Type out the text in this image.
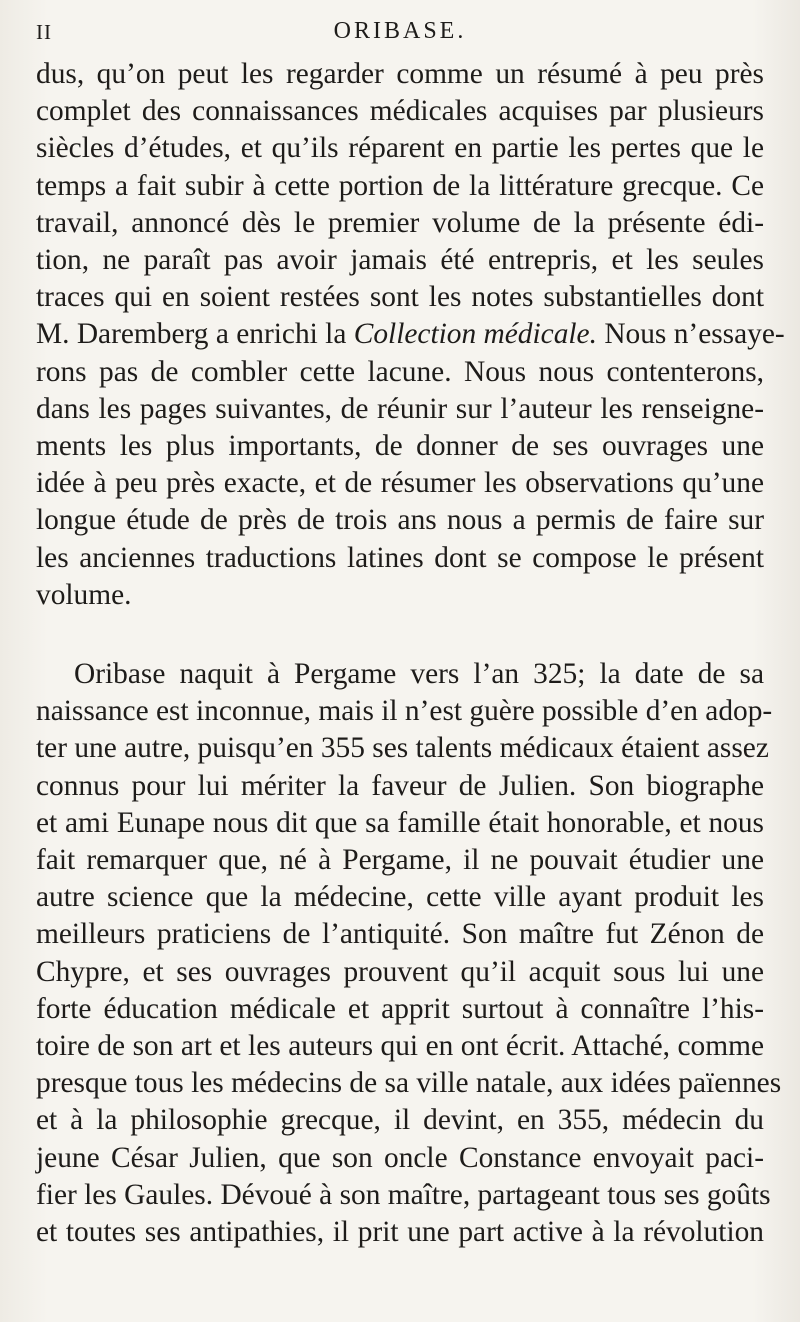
II	ORIBASE.

dus, qu’on peut les regarder comme un résumé à peu près
complet des connaissances médicales acquises par plusieurs
siècles d’études, et qu’ils réparent en partie les pertes que le
temps a fait subir à cette portion de la littérature grecque. Ce
travail, annoncé dès le premier volume de la présente édi-
tion, ne paraît pas avoir jamais été entrepris, et les seules
traces qui en soient restées sont les notes substantielles dont
M. Daremberg a enrichi la Collection médicale. Nous n’essaye-
rons pas de combler cette lacune. Nous nous contenterons,
dans les pages suivantes, de réunir sur l’auteur les renseigne-
ments les plus importants, de donner de ses ouvrages une
idée à peu près exacte, et de résumer les observations qu’une
longue étude de près de trois ans nous a permis de faire sur
les anciennes traductions latines dont se compose le présent
volume.

Oribase naquit à Pergame vers l’an 325; la date de sa
naissance est inconnue, mais il n’est guère possible d’en adop-
ter une autre, puisqu’en 355 ses talents médicaux étaient assez
connus pour lui mériter la faveur de Julien. Son biographe
et ami Eunape nous dit que sa famille était honorable, et nous
fait remarquer que, né à Pergame, il ne pouvait étudier une
autre science que la médecine, cette ville ayant produit les
meilleurs praticiens de l’antiquité. Son maître fut Zénon de
Chypre, et ses ouvrages prouvent qu’il acquit sous lui une
forte éducation médicale et apprit surtout à connaître l’his-
toire de son art et les auteurs qui en ont écrit. Attaché, comme
presque tous les médecins de sa ville natale, aux idées païennes
et à la philosophie grecque, il devint, en 355, médecin du
jeune César Julien, que son oncle Constance envoyait paci-
fier les Gaules. Dévoué à son maître, partageant tous ses goûts
et toutes ses antipathies, il prit une part active à la révolution
